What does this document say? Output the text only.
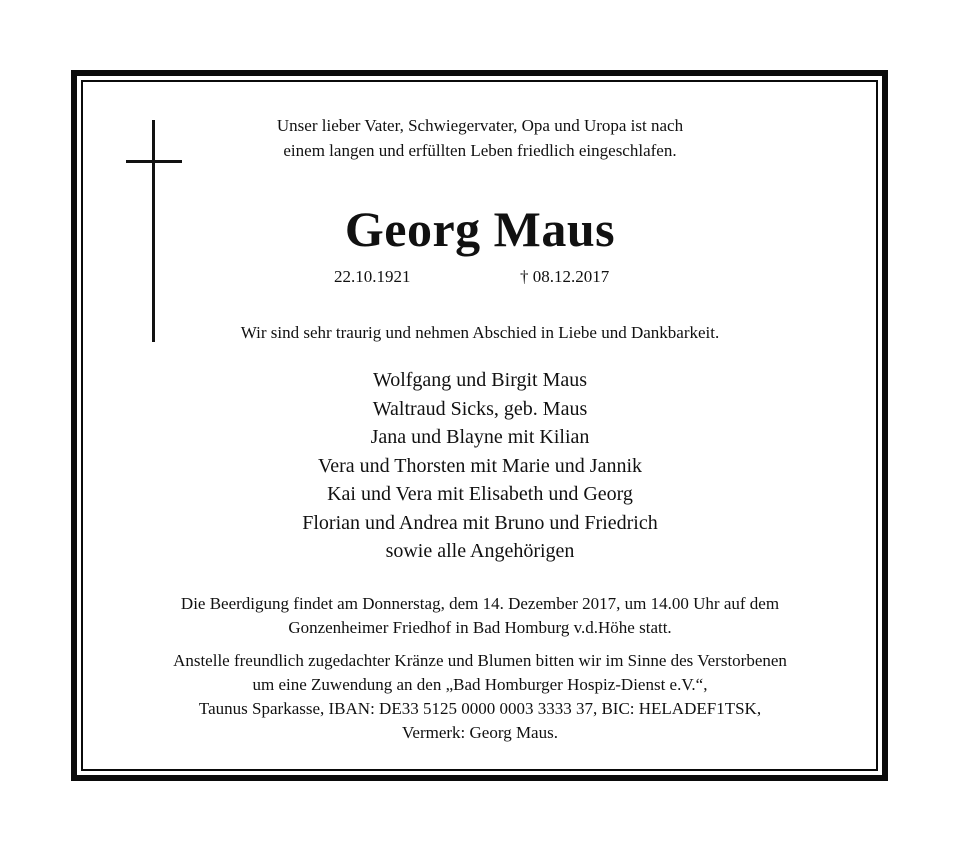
Unser lieber Vater, Schwiegervater, Opa und Uropa ist nach
einem langen und erfüllten Leben friedlich eingeschlafen.
Georg Maus
22.10.1921	† 08.12.2017
Wir sind sehr traurig und nehmen Abschied in Liebe und Dankbarkeit.
Wolfgang und Birgit Maus
Waltraud Sicks, geb. Maus
Jana und Blayne mit Kilian
Vera und Thorsten mit Marie und Jannik
Kai und Vera mit Elisabeth und Georg
Florian und Andrea mit Bruno und Friedrich
sowie alle Angehörigen
Die Beerdigung findet am Donnerstag, dem 14. Dezember 2017, um 14.00 Uhr auf dem
Gonzenheimer Friedhof in Bad Homburg v.d.Höhe statt.
Anstelle freundlich zugedachter Kränze und Blumen bitten wir im Sinne des Verstorbenen
um eine Zuwendung an den „Bad Homburger Hospiz-Dienst e.V.“,
Taunus Sparkasse, IBAN: DE33 5125 0000 0003 3333 37, BIC: HELADEF1TSK,
Vermerk: Georg Maus.
